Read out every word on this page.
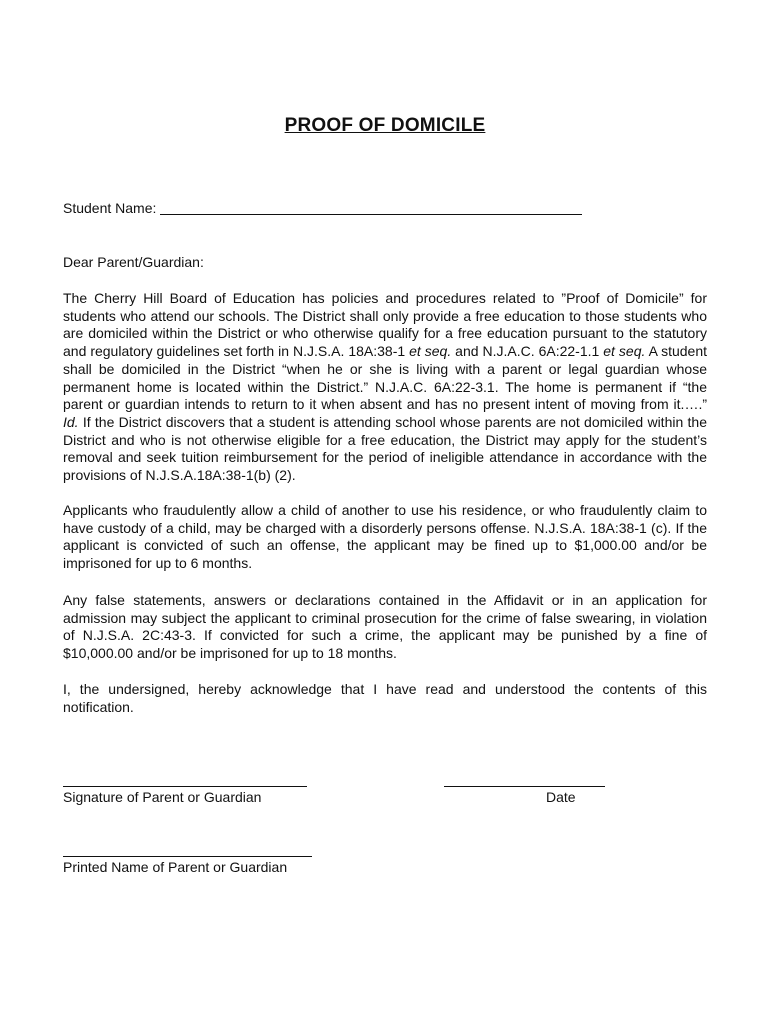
PROOF OF DOMICILE
Student Name:
Dear Parent/Guardian:

The Cherry Hill Board of Education has policies and procedures related to ”Proof of Domicile” for students who attend our schools. The District shall only provide a free education to those students who are domiciled within the District or who otherwise qualify for a free education pursuant to the statutory and regulatory guidelines set forth in N.J.S.A. 18A:38-1 et seq. and N.J.A.C. 6A:22-1.1 et seq. A student shall be domiciled in the District “when he or she is living with a parent or legal guardian whose permanent home is located within the District.” N.J.A.C. 6A:22-3.1. The home is permanent if “the parent or guardian intends to return to it when absent and has no present intent of moving from it.….” Id. If the District discovers that a student is attending school whose parents are not domiciled within the District and who is not otherwise eligible for a free education, the District may apply for the student’s removal and seek tuition reimbursement for the period of ineligible attendance in accordance with the provisions of N.J.S.A.18A:38-1(b) (2).

Applicants who fraudulently allow a child of another to use his residence, or who fraudulently claim to have custody of a child, may be charged with a disorderly persons offense. N.J.S.A. 18A:38-1 (c). If the applicant is convicted of such an offense, the applicant may be fined up to $1,000.00 and/or be imprisoned for up to 6 months.

Any false statements, answers or declarations contained in the Affidavit or in an application for admission may subject the applicant to criminal prosecution for the crime of false swearing, in violation of N.J.S.A. 2C:43-3. If convicted for such a crime, the applicant may be punished by a fine of $10,000.00 and/or be imprisoned for up to 18 months.

I, the undersigned, hereby acknowledge that I have read and understood the contents of this notification.

Signature of Parent or Guardian	Date
Printed Name of Parent or Guardian
